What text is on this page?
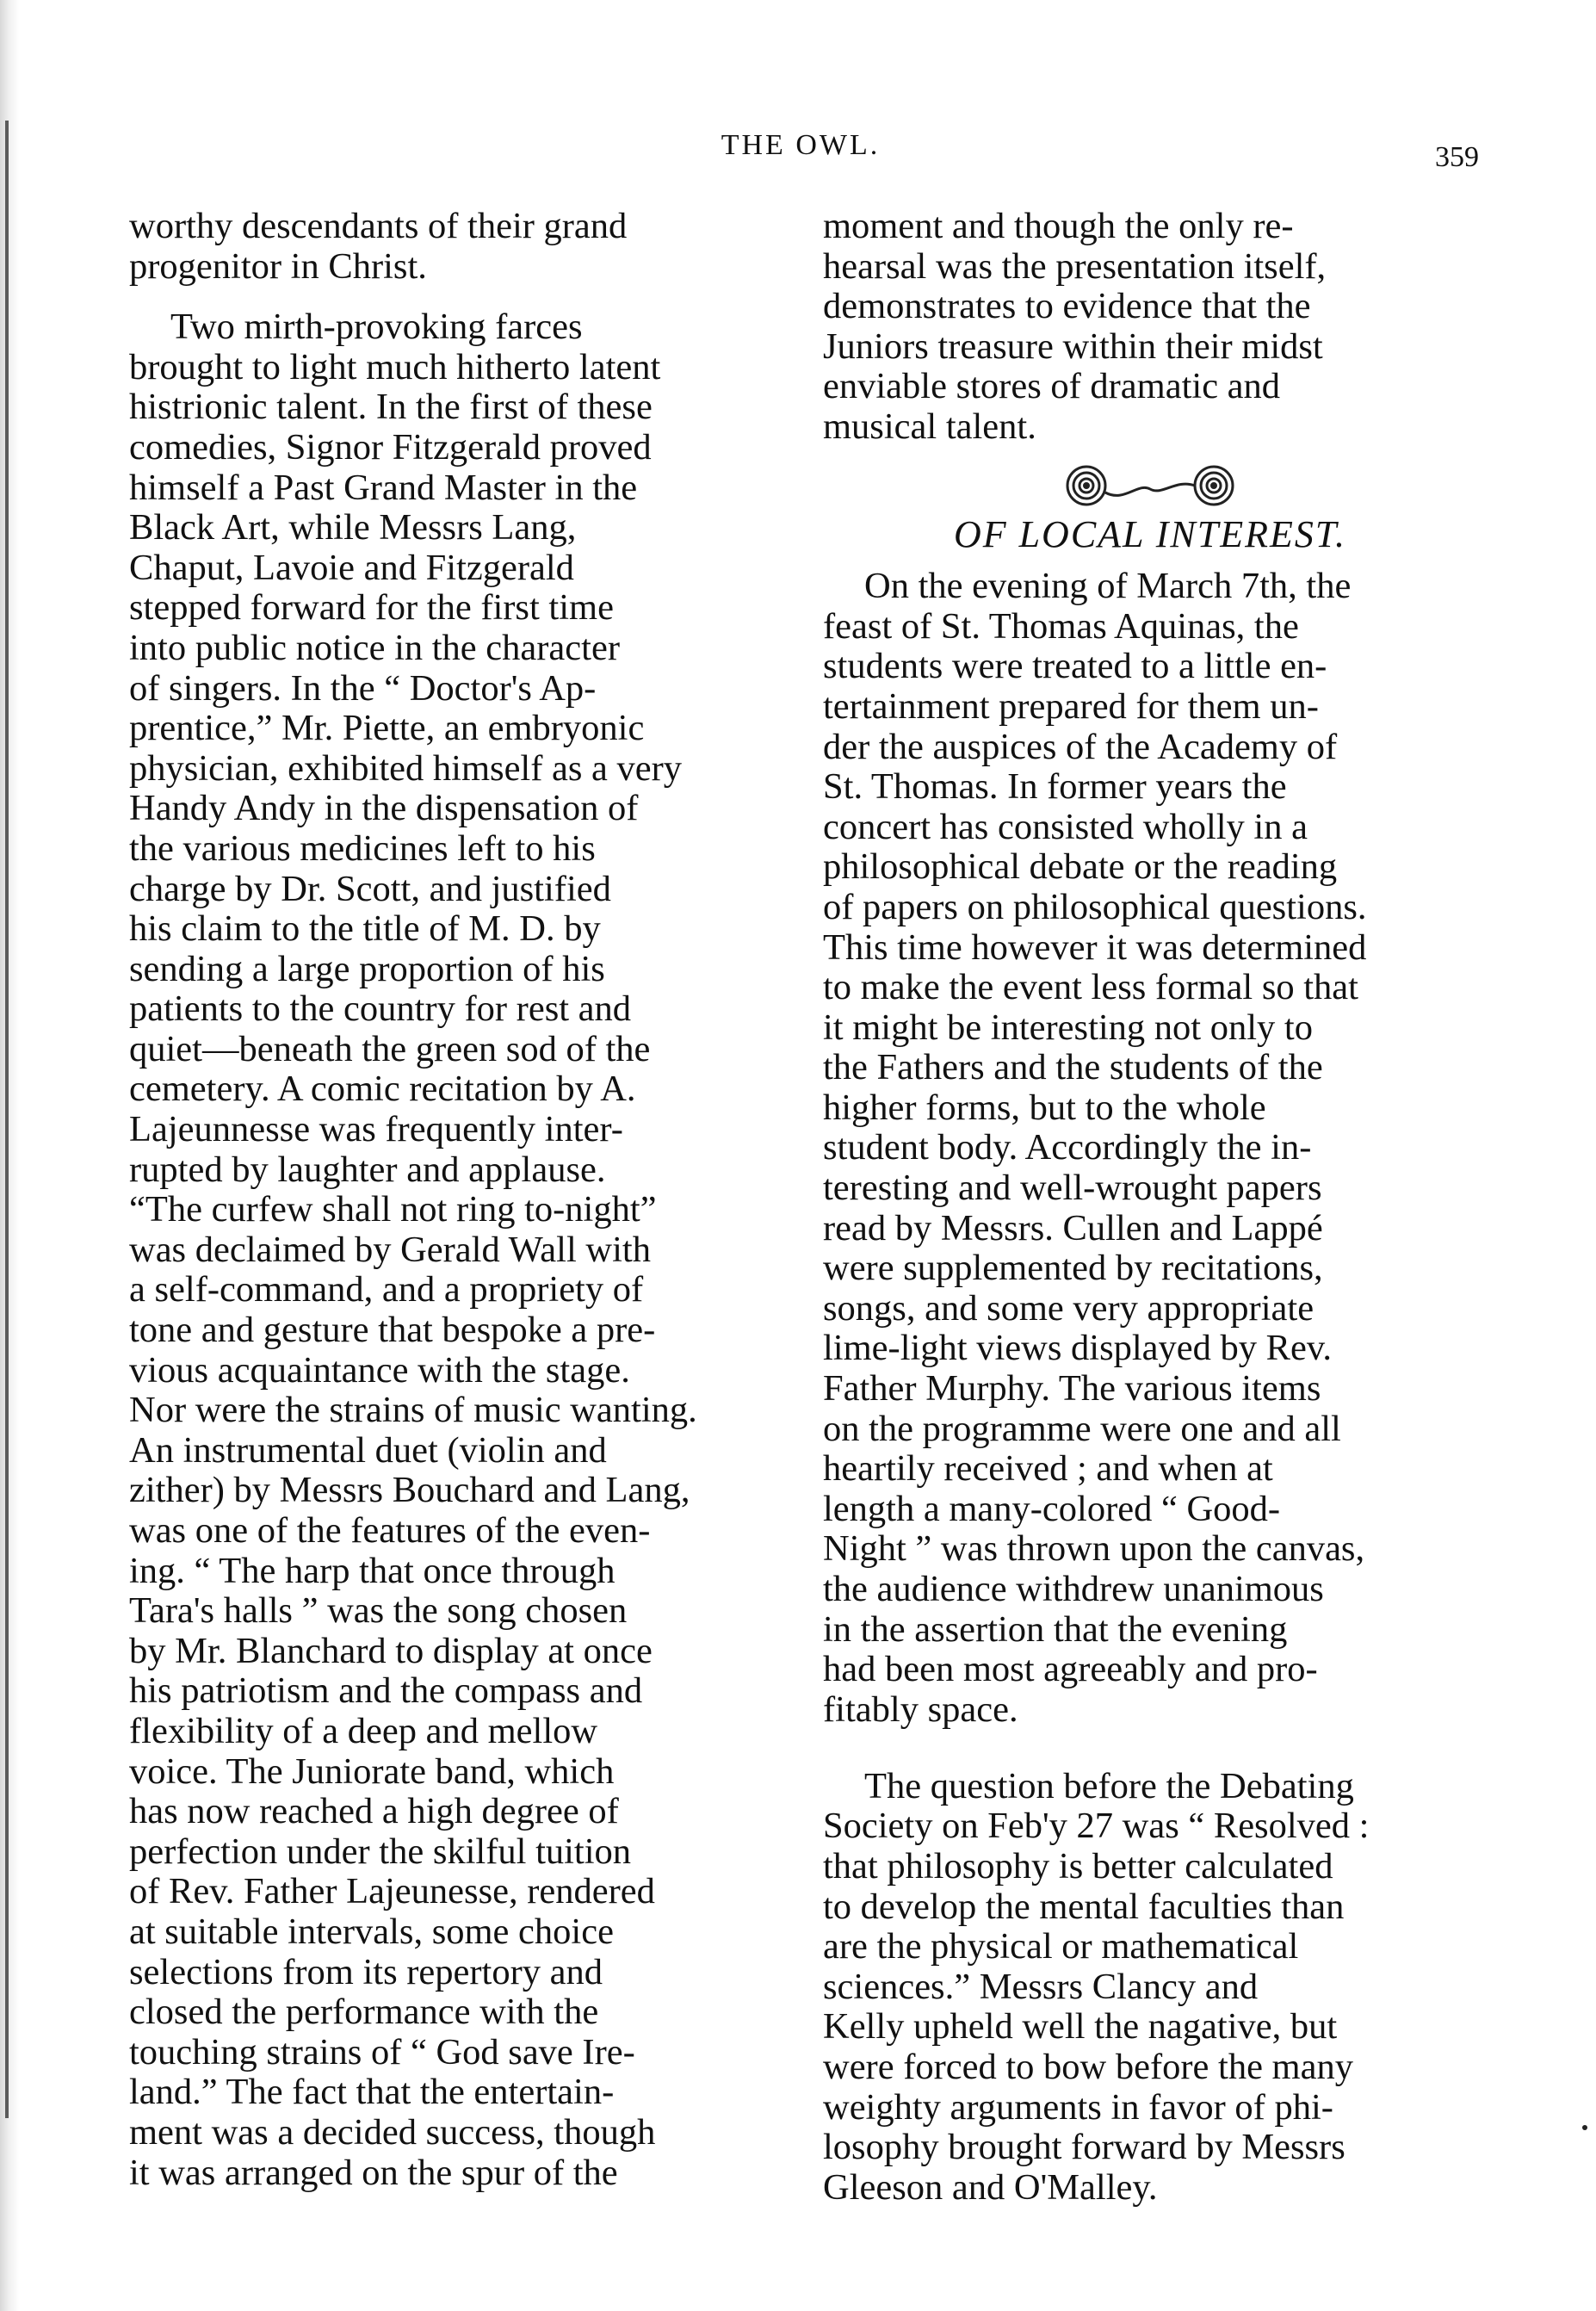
THE OWL.	359

worthy descendants of their grand
progenitor in Christ.

Two mirth-provoking farces
brought to light much hitherto latent
histrionic talent. In the first of these
comedies, Signor Fitzgerald proved
himself a Past Grand Master in the
Black Art, while Messrs Lang,
Chaput, Lavoie and Fitzgerald
stepped forward for the first time
into public notice in the character
of singers. In the “ Doctor's Ap-
prentice,” Mr. Piette, an embryonic
physician, exhibited himself as a very
Handy Andy in the dispensation of
the various medicines left to his
charge by Dr. Scott, and justified
his claim to the title of M. D. by
sending a large proportion of his
patients to the country for rest and
quiet—beneath the green sod of the
cemetery. A comic recitation by A.
Lajeunnesse was frequently inter-
rupted by laughter and applause.
“The curfew shall not ring to-night”
was declaimed by Gerald Wall with
a self-command, and a propriety of
tone and gesture that bespoke a pre-
vious acquaintance with the stage.
Nor were the strains of music wanting.
An instrumental duet (violin and
zither) by Messrs Bouchard and Lang,
was one of the features of the even-
ing. “ The harp that once through
Tara's halls ” was the song chosen
by Mr. Blanchard to display at once
his patriotism and the compass and
flexibility of a deep and mellow
voice. The Juniorate band, which
has now reached a high degree of
perfection under the skilful tuition
of Rev. Father Lajeunesse, rendered
at suitable intervals, some choice
selections from its repertory and
closed the performance with the
touching strains of “ God save Ire-
land.” The fact that the entertain-
ment was a decided success, though
it was arranged on the spur of the

moment and though the only re-
hearsal was the presentation itself,
demonstrates to evidence that the
Juniors treasure within their midst
enviable stores of dramatic and
musical talent.

OF LOCAL INTEREST.

On the evening of March 7th, the
feast of St. Thomas Aquinas, the
students were treated to a little en-
tertainment prepared for them un-
der the auspices of the Academy of
St. Thomas. In former years the
concert has consisted wholly in a
philosophical debate or the reading
of papers on philosophical questions.
This time however it was determined
to make the event less formal so that
it might be interesting not only to
the Fathers and the students of the
higher forms, but to the whole
student body. Accordingly the in-
teresting and well-wrought papers
read by Messrs. Cullen and Lappé
were supplemented by recitations,
songs, and some very appropriate
lime-light views displayed by Rev.
Father Murphy. The various items
on the programme were one and all
heartily received ; and when at
length a many-colored “ Good-
Night ” was thrown upon the canvas,
the audience withdrew unanimous
in the assertion that the evening
had been most agreeably and pro-
fitably space.

The question before the Debating
Society on Feb'y 27 was “ Resolved :
that philosophy is better calculated
to develop the mental faculties than
are the physical or mathematical
sciences.” Messrs Clancy and
Kelly upheld well the nagative, but
were forced to bow before the many
weighty arguments in favor of phi-
losophy brought forward by Messrs
Gleeson and O'Malley.
